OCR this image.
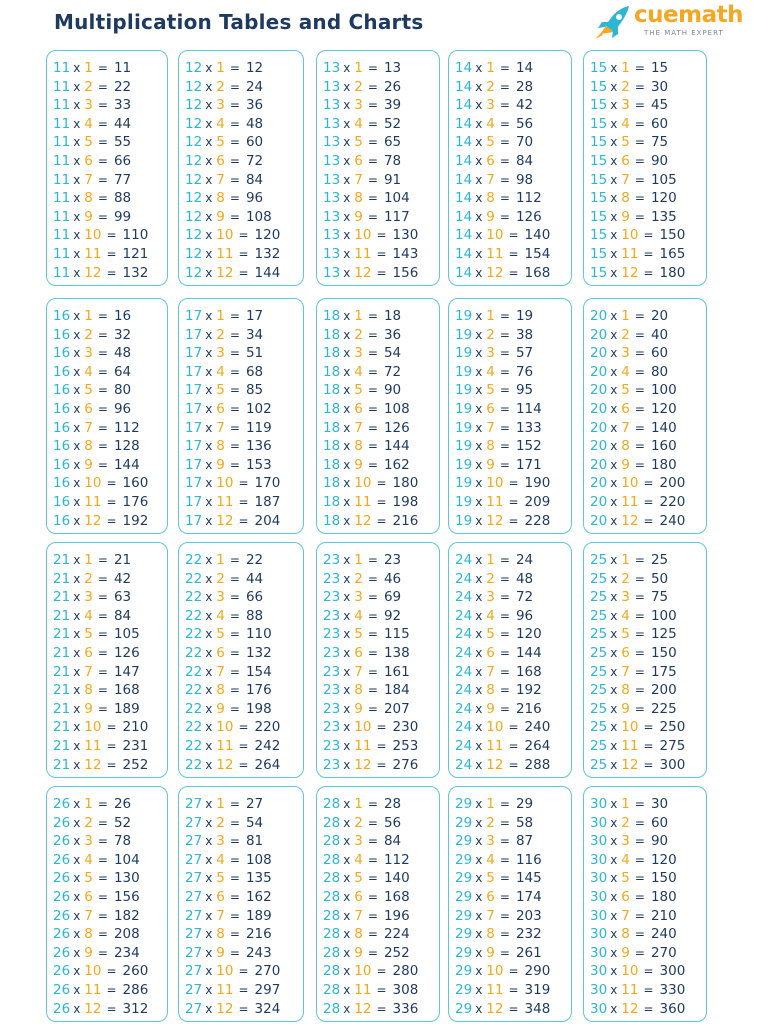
Multiplication Tables and Charts	cuemath
THE MATH EXPERT
11 x 1 = 11
11 x 2 = 22
11 x 3 = 33
11 x 4 = 44
11 x 5 = 55
11 x 6 = 66
11 x 7 = 77
11 x 8 = 88
11 x 9 = 99
11 x 10 = 110
11 x 11 = 121
11 x 12 = 132
12 x 1 = 12
12 x 2 = 24
12 x 3 = 36
12 x 4 = 48
12 x 5 = 60
12 x 6 = 72
12 x 7 = 84
12 x 8 = 96
12 x 9 = 108
12 x 10 = 120
12 x 11 = 132
12 x 12 = 144
13 x 1 = 13
13 x 2 = 26
13 x 3 = 39
13 x 4 = 52
13 x 5 = 65
13 x 6 = 78
13 x 7 = 91
13 x 8 = 104
13 x 9 = 117
13 x 10 = 130
13 x 11 = 143
13 x 12 = 156
14 x 1 = 14
14 x 2 = 28
14 x 3 = 42
14 x 4 = 56
14 x 5 = 70
14 x 6 = 84
14 x 7 = 98
14 x 8 = 112
14 x 9 = 126
14 x 10 = 140
14 x 11 = 154
14 x 12 = 168
15 x 1 = 15
15 x 2 = 30
15 x 3 = 45
15 x 4 = 60
15 x 5 = 75
15 x 6 = 90
15 x 7 = 105
15 x 8 = 120
15 x 9 = 135
15 x 10 = 150
15 x 11 = 165
15 x 12 = 180
16 x 1 = 16
16 x 2 = 32
16 x 3 = 48
16 x 4 = 64
16 x 5 = 80
16 x 6 = 96
16 x 7 = 112
16 x 8 = 128
16 x 9 = 144
16 x 10 = 160
16 x 11 = 176
16 x 12 = 192
17 x 1 = 17
17 x 2 = 34
17 x 3 = 51
17 x 4 = 68
17 x 5 = 85
17 x 6 = 102
17 x 7 = 119
17 x 8 = 136
17 x 9 = 153
17 x 10 = 170
17 x 11 = 187
17 x 12 = 204
18 x 1 = 18
18 x 2 = 36
18 x 3 = 54
18 x 4 = 72
18 x 5 = 90
18 x 6 = 108
18 x 7 = 126
18 x 8 = 144
18 x 9 = 162
18 x 10 = 180
18 x 11 = 198
18 x 12 = 216
19 x 1 = 19
19 x 2 = 38
19 x 3 = 57
19 x 4 = 76
19 x 5 = 95
19 x 6 = 114
19 x 7 = 133
19 x 8 = 152
19 x 9 = 171
19 x 10 = 190
19 x 11 = 209
19 x 12 = 228
20 x 1 = 20
20 x 2 = 40
20 x 3 = 60
20 x 4 = 80
20 x 5 = 100
20 x 6 = 120
20 x 7 = 140
20 x 8 = 160
20 x 9 = 180
20 x 10 = 200
20 x 11 = 220
20 x 12 = 240
21 x 1 = 21
21 x 2 = 42
21 x 3 = 63
21 x 4 = 84
21 x 5 = 105
21 x 6 = 126
21 x 7 = 147
21 x 8 = 168
21 x 9 = 189
21 x 10 = 210
21 x 11 = 231
21 x 12 = 252
22 x 1 = 22
22 x 2 = 44
22 x 3 = 66
22 x 4 = 88
22 x 5 = 110
22 x 6 = 132
22 x 7 = 154
22 x 8 = 176
22 x 9 = 198
22 x 10 = 220
22 x 11 = 242
22 x 12 = 264
23 x 1 = 23
23 x 2 = 46
23 x 3 = 69
23 x 4 = 92
23 x 5 = 115
23 x 6 = 138
23 x 7 = 161
23 x 8 = 184
23 x 9 = 207
23 x 10 = 230
23 x 11 = 253
23 x 12 = 276
24 x 1 = 24
24 x 2 = 48
24 x 3 = 72
24 x 4 = 96
24 x 5 = 120
24 x 6 = 144
24 x 7 = 168
24 x 8 = 192
24 x 9 = 216
24 x 10 = 240
24 x 11 = 264
24 x 12 = 288
25 x 1 = 25
25 x 2 = 50
25 x 3 = 75
25 x 4 = 100
25 x 5 = 125
25 x 6 = 150
25 x 7 = 175
25 x 8 = 200
25 x 9 = 225
25 x 10 = 250
25 x 11 = 275
25 x 12 = 300
26 x 1 = 26
26 x 2 = 52
26 x 3 = 78
26 x 4 = 104
26 x 5 = 130
26 x 6 = 156
26 x 7 = 182
26 x 8 = 208
26 x 9 = 234
26 x 10 = 260
26 x 11 = 286
26 x 12 = 312
27 x 1 = 27
27 x 2 = 54
27 x 3 = 81
27 x 4 = 108
27 x 5 = 135
27 x 6 = 162
27 x 7 = 189
27 x 8 = 216
27 x 9 = 243
27 x 10 = 270
27 x 11 = 297
27 x 12 = 324
28 x 1 = 28
28 x 2 = 56
28 x 3 = 84
28 x 4 = 112
28 x 5 = 140
28 x 6 = 168
28 x 7 = 196
28 x 8 = 224
28 x 9 = 252
28 x 10 = 280
28 x 11 = 308
28 x 12 = 336
29 x 1 = 29
29 x 2 = 58
29 x 3 = 87
29 x 4 = 116
29 x 5 = 145
29 x 6 = 174
29 x 7 = 203
29 x 8 = 232
29 x 9 = 261
29 x 10 = 290
29 x 11 = 319
29 x 12 = 348
30 x 1 = 30
30 x 2 = 60
30 x 3 = 90
30 x 4 = 120
30 x 5 = 150
30 x 6 = 180
30 x 7 = 210
30 x 8 = 240
30 x 9 = 270
30 x 10 = 300
30 x 11 = 330
30 x 12 = 360
